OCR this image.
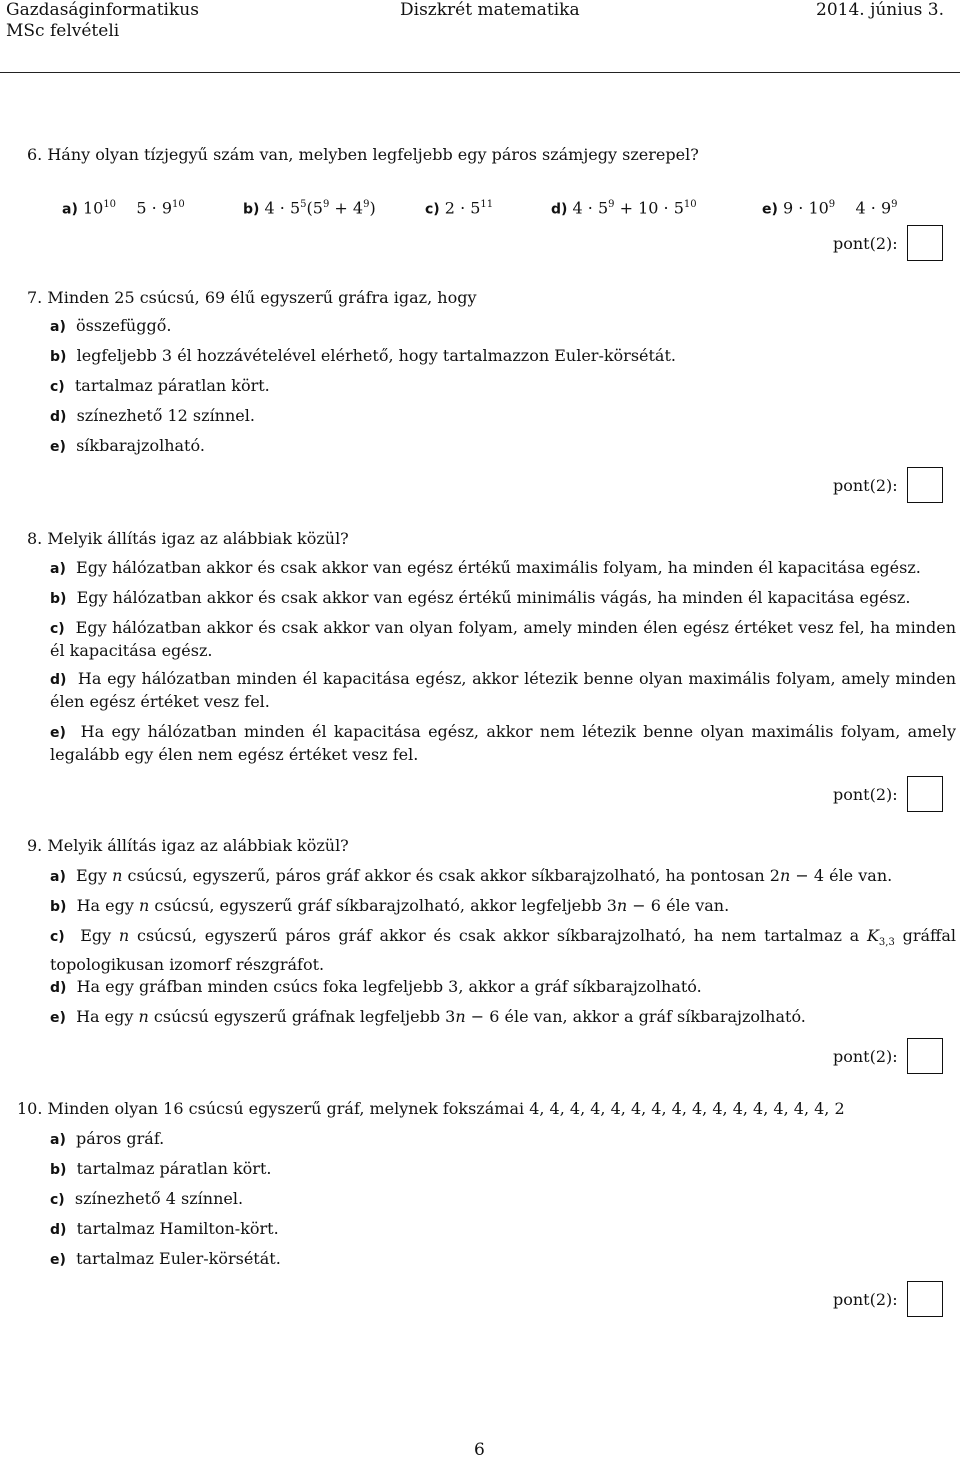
Gazdaságinformatikus
MSc felvételi
Diszkrét matematika	2014. június 3.
6. Hány olyan tízjegyű szám van, melyben legfeljebb egy páros számjegy szerepel?
a) $10^{10}$ $5 \cdot 9^{10}$	b) $4 \cdot 5^5(5^9 + 4^9)$	c) $2 \cdot 5^{11}$	d) $4 \cdot 5^9 + 10 \cdot 5^{10}$	e) $9 \cdot 10^9$ $4 \cdot 9^9$
pont(2):
7. Minden 25 csúcsú, 69 élű egyszerű gráfra igaz, hogy
a) összefüggő.
b) legfeljebb 3 él hozzávételével elérhető, hogy tartalmazzon Euler-körsétát.
c) tartalmaz páratlan kört.
d) színezhető 12 színnel.
e) síkbarajzolható.
pont(2):
8. Melyik állítás igaz az alábbiak közül?
a) Egy hálózatban akkor és csak akkor van egész értékű maximális folyam, ha minden él kapacitása egész.
b) Egy hálózatban akkor és csak akkor van egész értékű minimális vágás, ha minden él kapacitása egész.
c) Egy hálózatban akkor és csak akkor van olyan folyam, amely minden élen egész értéket vesz fel, ha minden él kapacitása egész.
d) Ha egy hálózatban minden él kapacitása egész, akkor létezik benne olyan maximális folyam, amely minden élen egész értéket vesz fel.
e) Ha egy hálózatban minden él kapacitása egész, akkor nem létezik benne olyan maximális folyam, amely legalább egy élen nem egész értéket vesz fel.
pont(2):
9. Melyik állítás igaz az alábbiak közül?
a) Egy n csúcsú, egyszerű, páros gráf akkor és csak akkor síkbarajzolható, ha pontosan 2n − 4 éle van.
b) Ha egy n csúcsú, egyszerű gráf síkbarajzolható, akkor legfeljebb 3n − 6 éle van.
c) Egy n csúcsú, egyszerű páros gráf akkor és csak akkor síkbarajzolható, ha nem tartalmaz a $K_{3,3}$ gráffal topologikusan izomorf részgráfot.
d) Ha egy gráfban minden csúcs foka legfeljebb 3, akkor a gráf síkbarajzolható.
e) Ha egy n csúcsú egyszerű gráfnak legfeljebb 3n − 6 éle van, akkor a gráf síkbarajzolható.
pont(2):
10. Minden olyan 16 csúcsú egyszerű gráf, melynek fokszámai 4, 4, 4, 4, 4, 4, 4, 4, 4, 4, 4, 4, 4, 4, 4, 2
a) páros gráf.
b) tartalmaz páratlan kört.
c) színezhető 4 színnel.
d) tartalmaz Hamilton-kört.
e) tartalmaz Euler-körsétát.
pont(2):
6
